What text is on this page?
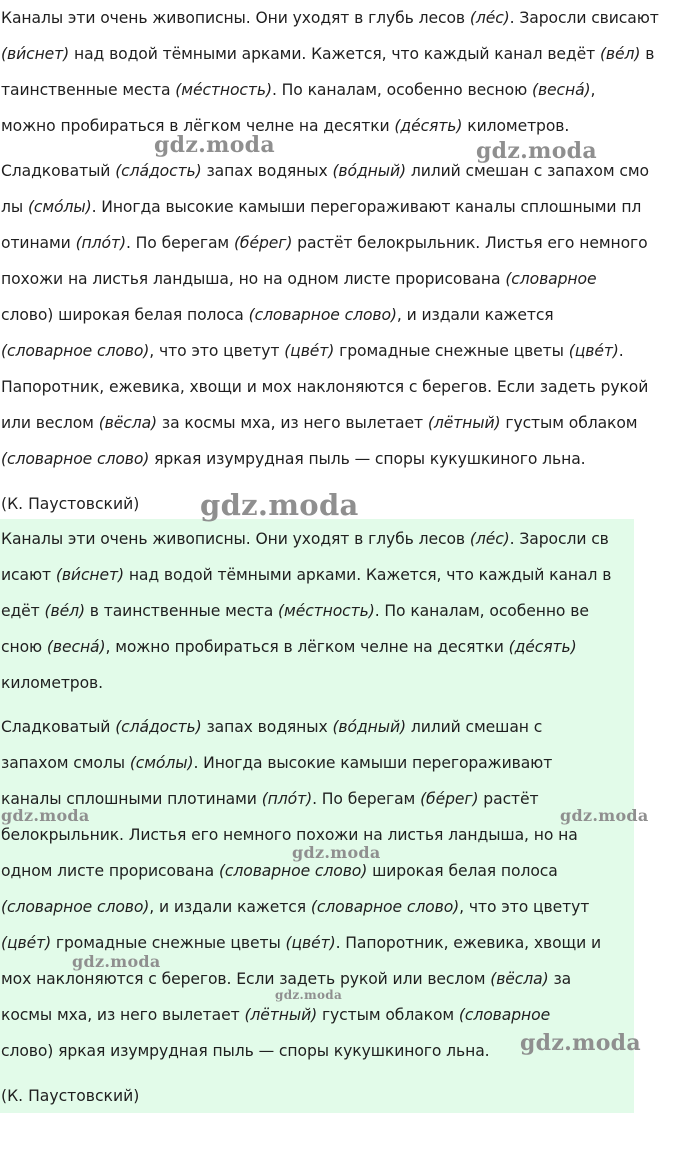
Каналы эти очень живописны. Они уходят в глубь лесов (ле́с). Заросли свисают
(ви́снет) над водой тёмными арками. Кажется, что каждый канал ведёт (ве́л) в
таинственные места (ме́стность). По каналам, особенно весною (весна́),
можно пробираться в лёгком челне на десятки (де́сять) километров.
Сладковатый (сла́дость) запах водяных (во́дный) лилий смешан с запахом смо
лы (смо́лы). Иногда высокие камыши перегораживают каналы сплошными пл
отинами (пло́т). По берегам (бе́рег) растёт белокрыльник. Листья его немного
похожи на листья ландыша, но на одном листе прорисована (словарное
слово) широкая белая полоса (словарное слово), и издали кажется
(словарное слово), что это цветут (цве́т) громадные снежные цветы (цве́т).
Папоротник, ежевика, хвощи и мох наклоняются с берегов. Если задеть рукой
или веслом (вёсла) за космы мха, из него вылетает (лётный) густым облаком
(словарное слово) яркая изумрудная пыль — споры кукушкиного льна.
(К. Паустовский)
Каналы эти очень живописны. Они уходят в глубь лесов (ле́с). Заросли св
исают (ви́снет) над водой тёмными арками. Кажется, что каждый канал в
едёт (ве́л) в таинственные места (ме́стность). По каналам, особенно ве
сною (весна́), можно пробираться в лёгком челне на десятки (де́сять)
километров.
Сладковатый (сла́дость) запах водяных (во́дный) лилий смешан с
запахом смолы (смо́лы). Иногда высокие камыши перегораживают
каналы сплошными плотинами (пло́т). По берегам (бе́рег) растёт
белокрыльник. Листья его немного похожи на листья ландыша, но на
одном листе прорисована (словарное слово) широкая белая полоса
(словарное слово), и издали кажется (словарное слово), что это цветут
(цве́т) громадные снежные цветы (цве́т). Папоротник, ежевика, хвощи и
мох наклоняются с берегов. Если задеть рукой или веслом (вёсла) за
космы мха, из него вылетает (лётный) густым облаком (словарное
слово) яркая изумрудная пыль — споры кукушкиного льна.
(К. Паустовский)
gdz.moda	gdz.moda
gdz.moda
gdz.moda	gdz.moda
gdz.moda
gdz.moda
gdz.moda
gdz.moda
